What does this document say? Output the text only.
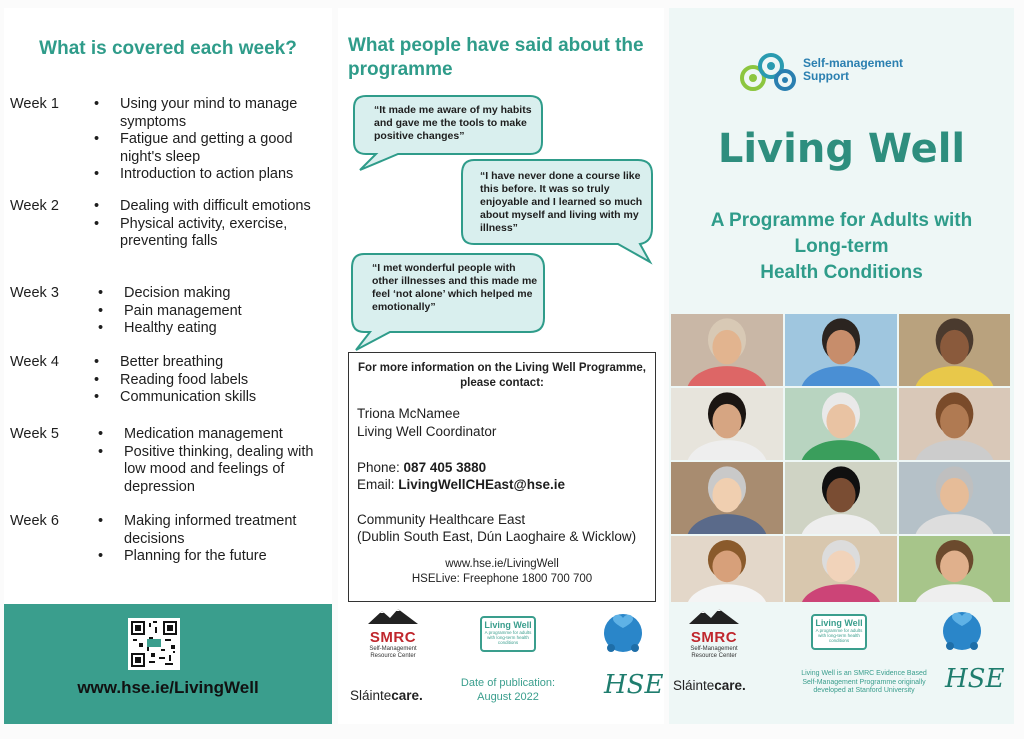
What is covered each week?
Week 1	• Using your mind to manage symptoms
• Fatigue and getting a good night's sleep
• Introduction to action plans
Week 2	• Dealing with difficult emotions
• Physical activity, exercise, preventing falls
Week 3	• Decision making
• Pain management
• Healthy eating
Week 4	• Better breathing
• Reading food labels
• Communication skills
Week 5	• Medication management
• Positive thinking, dealing with low mood and feelings of depression
Week 6	• Making informed treatment decisions
• Planning for the future
www.hse.ie/LivingWell
What people have said about the programme
“It made me aware of my habits and gave me the tools to make positive changes”
“I have never done a course like this before. It was so truly enjoyable and I learned so much about myself and living with my illness”
“I met wonderful people with other illnesses and this made me feel ‘not alone’ which helped me emotionally”
For more information on the Living Well Programme, please contact:
Triona McNamee
Living Well Coordinator
Phone: 087 405 3880
Email: LivingWellCHEast@hse.ie
Community Healthcare East
(Dublin South East, Dún Laoghaire & Wicklow)
www.hse.ie/LivingWell
HSELive: Freephone 1800 700 700
SMRC
Self-Management Resource Center
Living Well
A programme for adults with long-term health conditions
Sláintecare.
Date of publication:
August 2022	HSE
Self-management
Support
Living Well
A Programme for Adults with
Long-term
Health Conditions
SMRC
Self-Management Resource Center
Living Well
A programme for adults with long-term health conditions
Sláintecare.
Living Well is an SMRC Evidence Based Self-Management Programme originally developed at Stanford University	HSE
